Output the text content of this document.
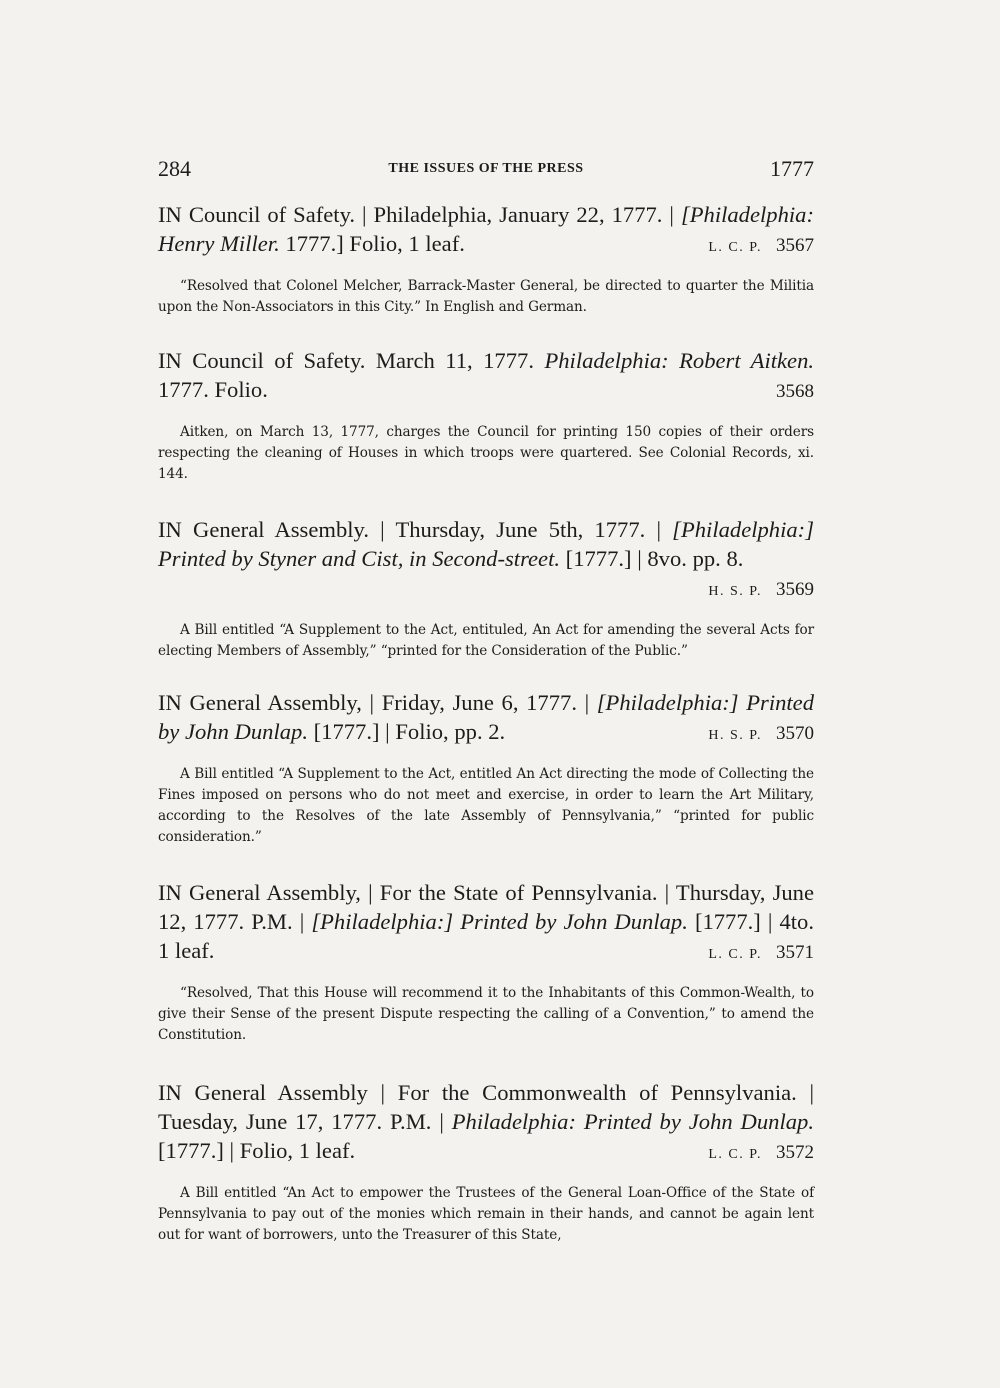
284	THE ISSUES OF THE PRESS	1777

IN Council of Safety. | Philadelphia, January 22, 1777. | [Philadelphia: Henry Miller. 1777.] Folio, 1 leaf.	L. C. P. 3567

“Resolved that Colonel Melcher, Barrack-Master General, be directed to quarter the Militia upon the Non-Associators in this City.” In English and German.

IN Council of Safety. March 11, 1777. Philadelphia: Robert Aitken. 1777. Folio.	3568

Aitken, on March 13, 1777, charges the Council for printing 150 copies of their orders respecting the cleaning of Houses in which troops were quartered. See Colonial Records, xi. 144.

IN General Assembly. | Thursday, June 5th, 1777. | [Philadelphia:] Printed by Styner and Cist, in Second-street. [1777.] | 8vo. pp. 8.
H. S. P. 3569

A Bill entitled “A Supplement to the Act, entituled, An Act for amending the several Acts for electing Members of Assembly,” “printed for the Consideration of the Public.”

IN General Assembly, | Friday, June 6, 1777. | [Philadelphia:] Printed by John Dunlap. [1777.] | Folio, pp. 2.	H. S. P. 3570

A Bill entitled “A Supplement to the Act, entitled An Act directing the mode of Collecting the Fines imposed on persons who do not meet and exercise, in order to learn the Art Military, according to the Resolves of the late Assembly of Pennsylvania,” “printed for public consideration.”

IN General Assembly, | For the State of Pennsylvania. | Thursday, June 12, 1777. P.M. | [Philadelphia:] Printed by John Dunlap. [1777.] | 4to. 1 leaf.	L. C. P. 3571

“Resolved, That this House will recommend it to the Inhabitants of this Common-Wealth, to give their Sense of the present Dispute respecting the calling of a Convention,” to amend the Constitution.

IN General Assembly | For the Commonwealth of Pennsylvania. | Tuesday, June 17, 1777. P.M. | Philadelphia: Printed by John Dunlap. [1777.] | Folio, 1 leaf.	L. C. P. 3572

A Bill entitled “An Act to empower the Trustees of the General Loan-Office of the State of Pennsylvania to pay out of the monies which remain in their hands, and cannot be again lent out for want of borrowers, unto the Treasurer of this State,
